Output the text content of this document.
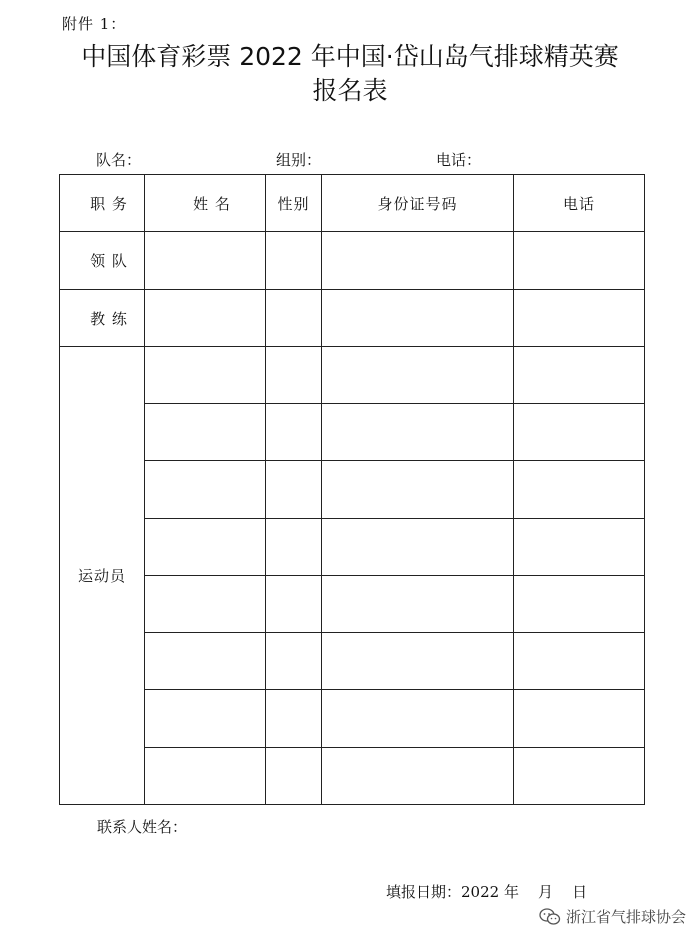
附件 1：
中国体育彩票 2022 年中国·岱山岛气排球精英赛
报名表
队名：	组别：	电话：
职 务	姓 名	性别	身份证号码	电话
领 队				
教 练				
运动员				

联系人姓名：
填报日期：2022 年    月    日
浙江省气排球协会
